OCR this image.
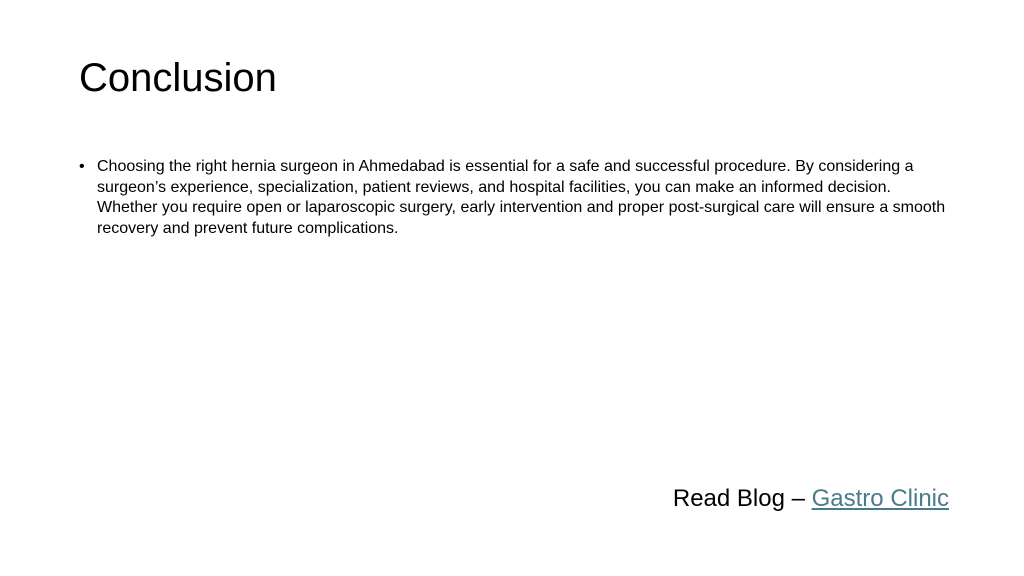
Conclusion
• Choosing the right hernia surgeon in Ahmedabad is essential for a safe and successful procedure. By considering a surgeon’s experience, specialization, patient reviews, and hospital facilities, you can make an informed decision. Whether you require open or laparoscopic surgery, early intervention and proper post-surgical care will ensure a smooth recovery and prevent future complications.
Read Blog – Gastro Clinic
